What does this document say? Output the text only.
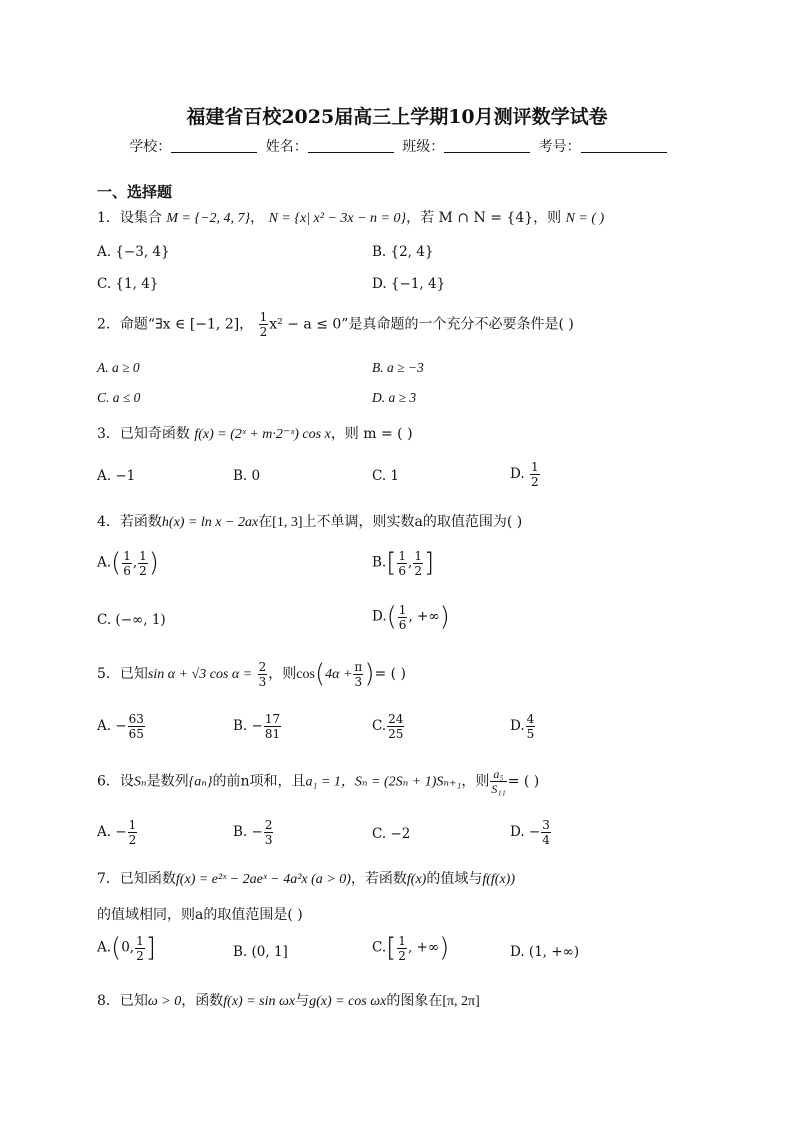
福建省百校2025届高三上学期10月测评数学试卷
学校：	姓名：	班级：	考号：
一、选择题
1．设集合 M = {−2, 4, 7}， N = {x| x² − 3x − n = 0}，若 M ∩ N = {4}，则 N = ( )
A. {−3, 4}	B. {2, 4}
C. {1, 4}	D. {−1, 4}
2．命题“∃x ∈ [−1, 2]， $\frac{1}{2} x^2 - a \le 0$”是真命题的一个充分不必要条件是( )
A. a ≥ 0	B. a ≥ −3
C. a ≤ 0	D. a ≥ 3
3．已知奇函数 f(x) = (2ˣ + m·2⁻ˣ) cos x，则 m = ( )
A. −1	B. 0	C. 1	D. $\frac{1}{2}$
4．若函数h(x) = ln x − 2ax在[1, 3]上不单调，则实数a的取值范围为( )
$A.( \frac{1}{6}$ , $\frac{1}{2}$ )	$B.[ \frac{1}{6}$ , $\frac{1}{2}$ ]
C. (−∞, 1)	$D.( \frac{1}{6}$ , +∞)
5．已知sin α + √3 $\cos \alpha = \frac{2}{3}$ ，则$\cos(4\alpha + \frac{\pi}{3}$ )= ( )
A. − $\frac{63}{65}$	B. − $\frac{17}{81}$	C. $\frac{24}{25}$	D. $\frac{4}{5}$
6．设Sₙ是数列{aₙ}的前n项和，且a₁ = 1，Sₙ = (2Sₙ + 1)Sₙ₊₁，则 $\frac{\text{a₅}}{\text{S₁₁}}$ = ( )
A. − $\frac{1}{2}$	B. − $\frac{2}{3}$	C. −2	D. − $\frac{3}{4}$
7．已知函数f(x) = e²ˣ − 2aeˣ − 4a²x (a > 0)，若函数f(x)的值域与f(f(x))
的值域相同，则a的取值范围是( )
A.(0, $\frac{1}{2}$ ]	B. (0, 1]	$C.[ \frac{1}{2}$ , +∞)	D. (1, +∞)
8．已知ω > 0，函数f(x) = sin ωx与g(x) = cos ωx的图象在[π, 2π]
